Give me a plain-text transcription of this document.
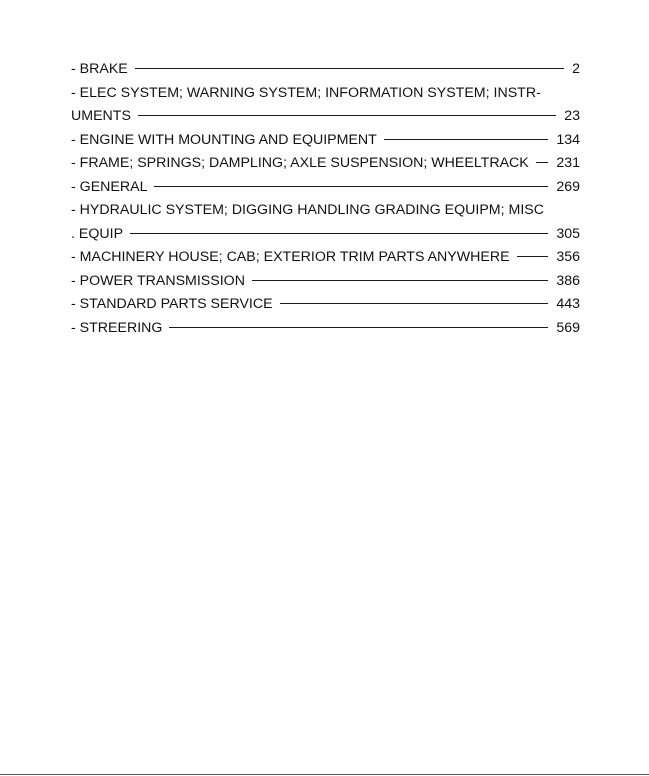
- BRAKE	2
- ELEC SYSTEM; WARNING SYSTEM; INFORMATION SYSTEM; INSTR-
UMENTS	23
- ENGINE WITH MOUNTING AND EQUIPMENT	134
- FRAME; SPRINGS; DAMPLING; AXLE SUSPENSION; WHEELTRACK 231
- GENERAL	269
- HYDRAULIC SYSTEM; DIGGING HANDLING GRADING EQUIPM; MISC
. EQUIP	305
- MACHINERY HOUSE; CAB; EXTERIOR TRIM PARTS ANYWHERE	356
- POWER TRANSMISSION	386
- STANDARD PARTS SERVICE	443
- STREERING	569
